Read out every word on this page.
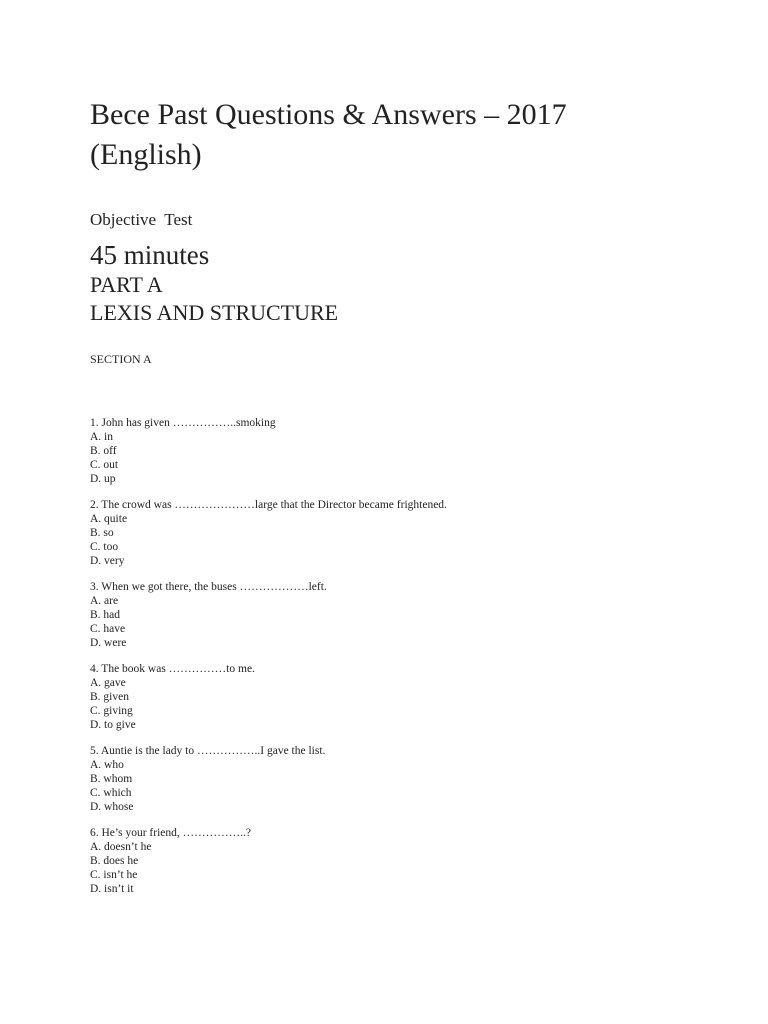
Bece Past Questions & Answers – 2017
(English)
Objective  Test
45 minutes
PART A
LEXIS AND STRUCTURE
SECTION A
1. John has given ……………..smoking
A. in
B. off
C. out
D. up
2. The crowd was …………………large that the Director became frightened.
A. quite
B. so
C. too
D. very
3. When we got there, the buses ………………left.
A. are
B. had
C. have
D. were
4. The book was ……………to me.
A. gave
B. given
C. giving
D. to give
5. Auntie is the lady to ……………..I gave the list.
A. who
B. whom
C. which
D. whose
6. He’s your friend, ……………..?
A. doesn’t he
B. does he
C. isn’t he
D. isn’t it
